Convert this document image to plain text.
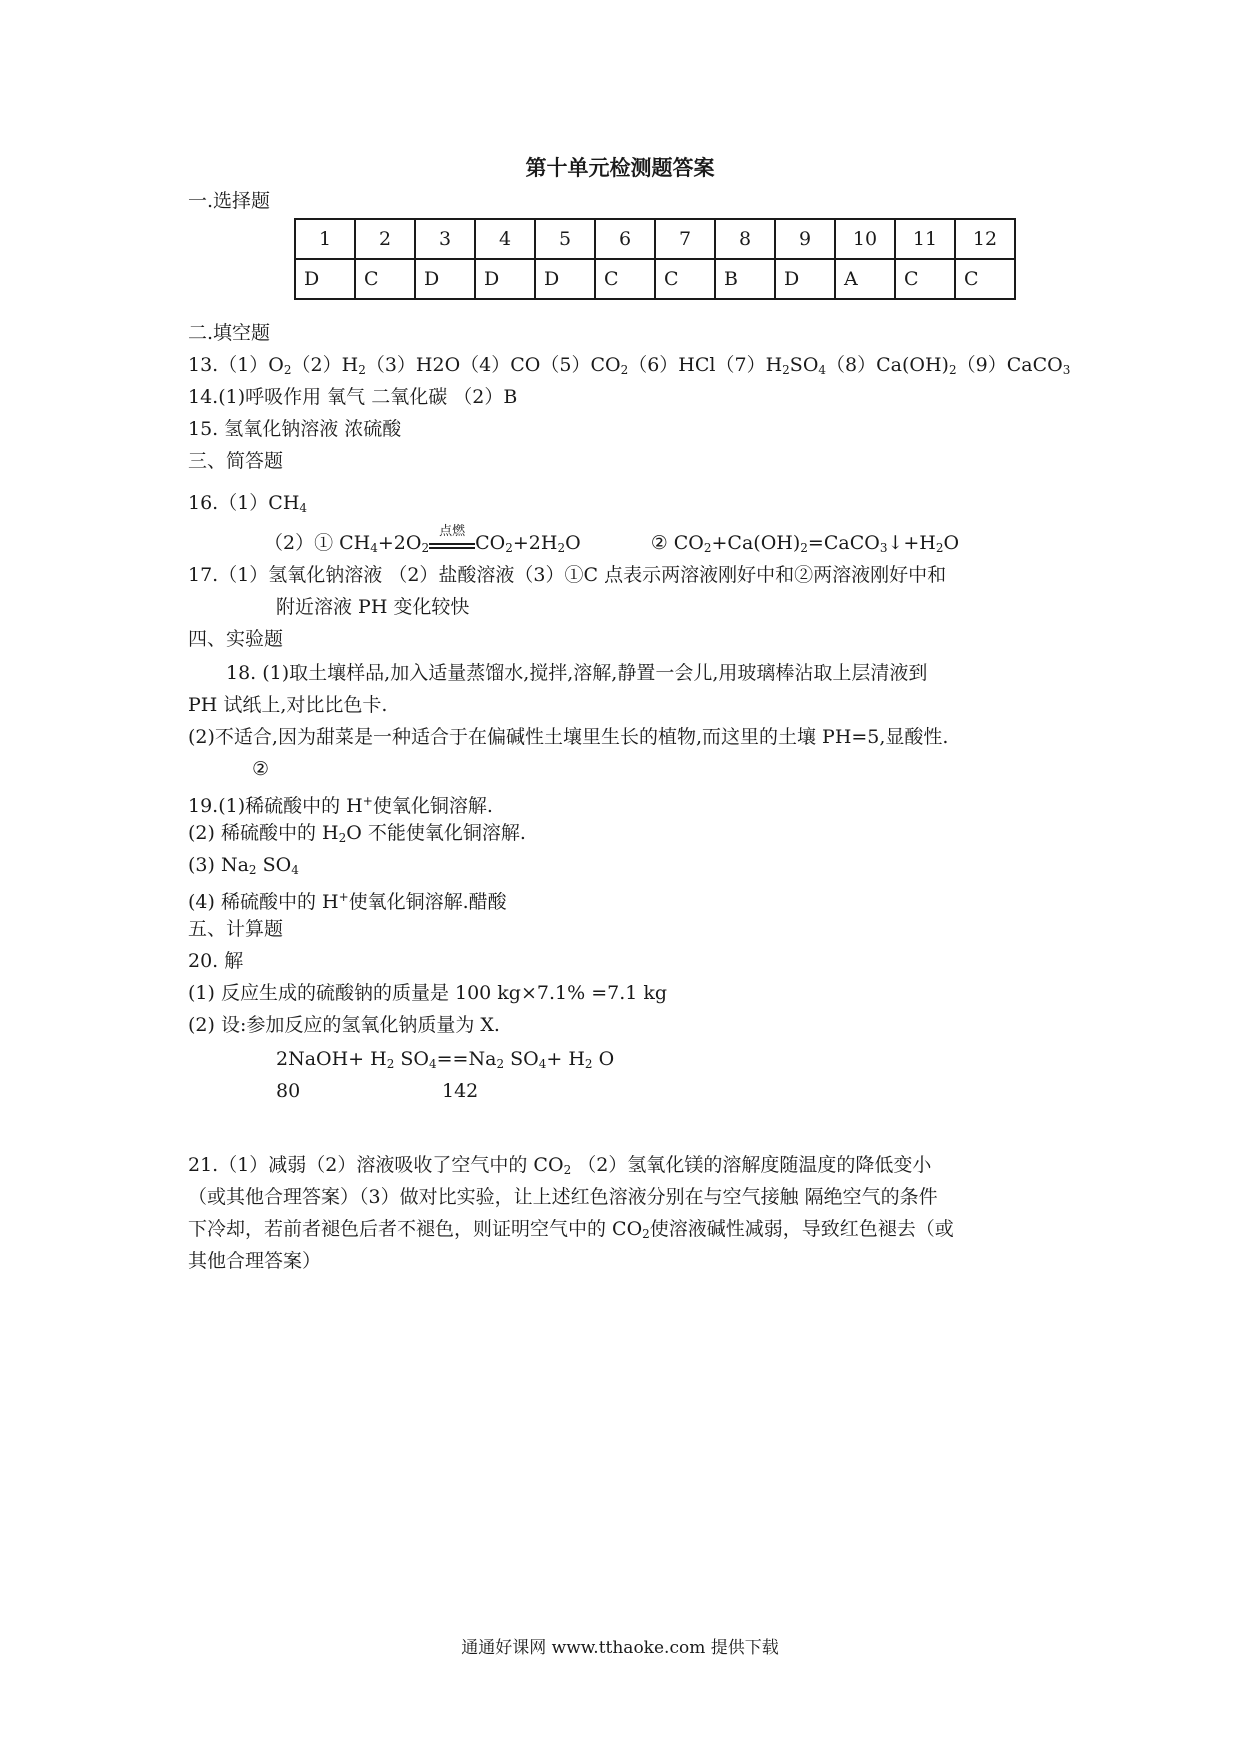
第十单元检测题答案
一.选择题
1	2	3	4	5	6	7	8	9	10	11	12
D	C	D	D	D	C	C	B	D	A	C	C
二.填空题
$13.(1)O_2(2)H_2(3)H2O(4)CO(5)CO_2(6)HCl(7)H_2SO_4(8)Ca(OH)_2(9)CaCO_3$
14.(1)呼吸作用 氧气 二氧化碳 （2）B
15. 氢氧化钠溶液 浓硫酸
三、简答题
$16.(1)CH_4$
（2）① $CH_4+2O_2$
点燃
$CO_2+2H_2O$	② $CO_2+Ca(OH)_2=CaCO_3↓+H_2O$
17.（1）氢氧化钠溶液 （2）盐酸溶液（3）①C 点表示两溶液刚好中和②两溶液刚好中和
附近溶液 PH 变化较快
四、实验题
18. (1)取土壤样品,加入适量蒸馏水,搅拌,溶解,静置一会儿,用玻璃棒沾取上层清液到
PH 试纸上,对比比色卡.
(2)不适合,因为甜菜是一种适合于在偏碱性土壤里生长的植物,而这里的土壤 PH=5,显酸性.
②
19.(1)稀硫酸中的 H+使氧化铜溶解.
(2) 稀硫酸中的 $H_2O$ 不能使氧化铜溶解.
(3) $Na_2$ $SO_4$
(4) 稀硫酸中的 H+使氧化铜溶解.醋酸
五、计算题
20. 解
(1) 反应生成的硫酸钠的质量是 100 kg×7.1% =7.1 kg
(2) 设:参加反应的氢氧化钠质量为 X.
2NaOH+ $H_2$ $SO_4==Na_2$ $SO_4+ H_2$ O
80	142
21.（1）减弱（2）溶液吸收了空气中的 $CO_2$ （2）氢氧化镁的溶解度随温度的降低变小
（或其他合理答案）（3）做对比实验，让上述红色溶液分别在与空气接触 隔绝空气的条件
下冷却，若前者褪色后者不褪色，则证明空气中的 $CO_2$使溶液碱性减弱，导致红色褪去（或
其他合理答案）
通通好课网 www.tthaoke.com 提供下载
